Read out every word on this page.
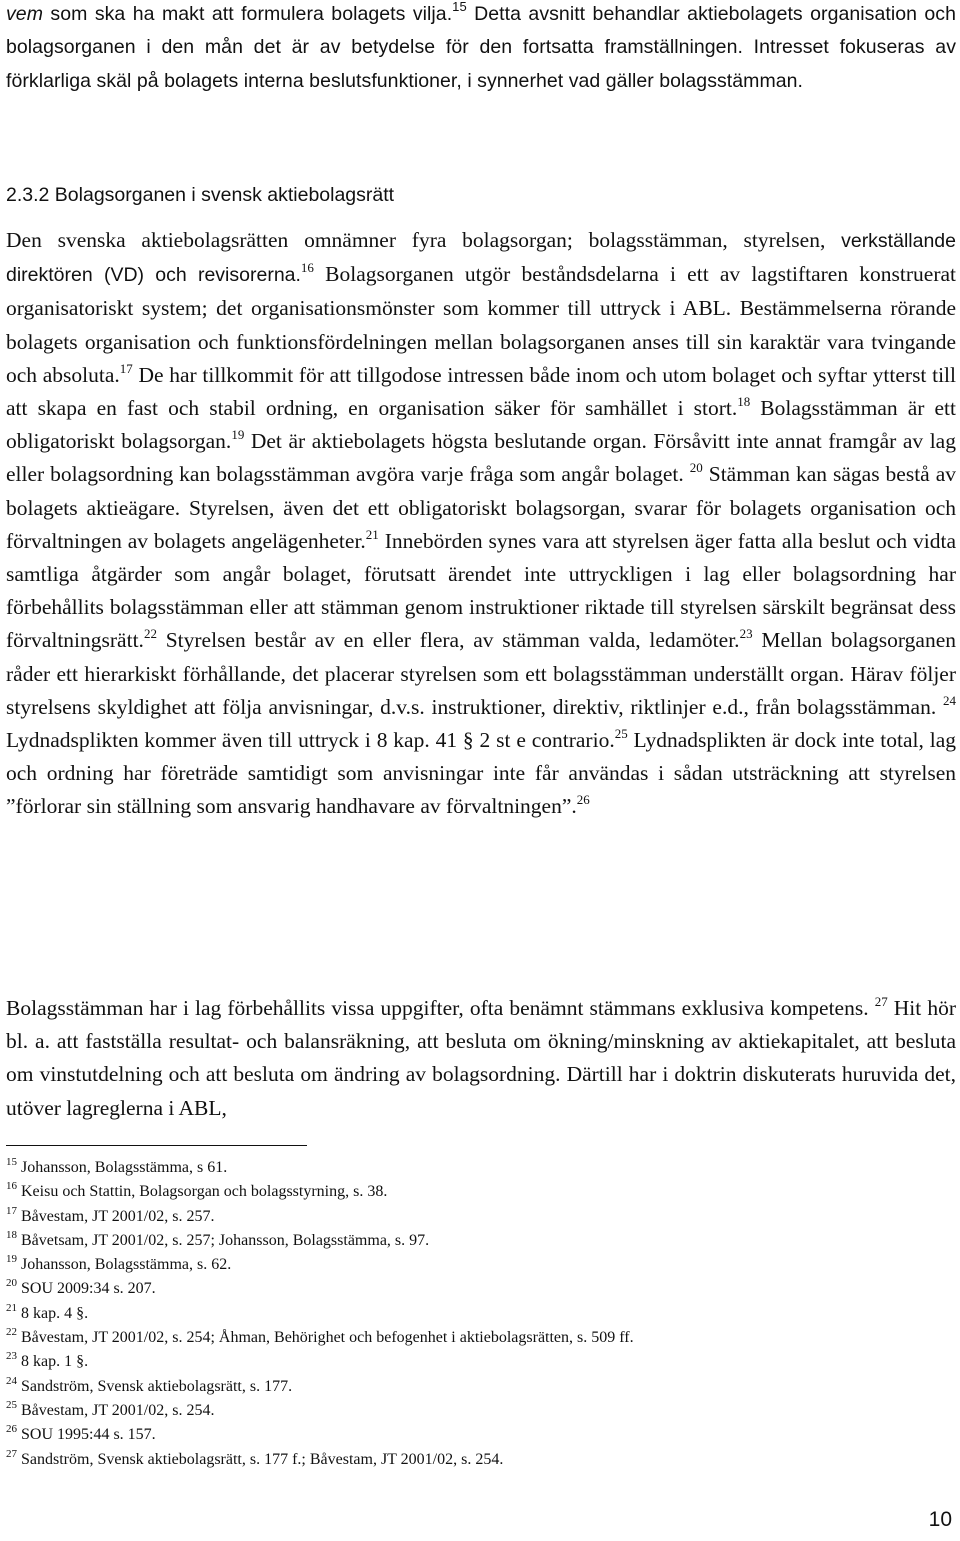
vem som ska ha makt att formulera bolagets vilja.$^{15}$ Detta avsnitt behandlar aktiebolagets organisation och bolagsorganen i den mån det är av betydelse för den fortsatta framställningen. Intresset fokuseras av förklarliga skäl på bolagets interna beslutsfunktioner, i synnerhet vad gäller bolagsstämman.

2.3.2 Bolagsorganen i svensk aktiebolagsrätt

Den svenska aktiebolagsrätten omnämner fyra bolagsorgan; bolagsstämman, styrelsen, verkställande direktören (VD) och revisorerna.$^{16}$ Bolagsorganen utgör beståndsdelarna i ett av lagstiftaren konstruerat organisatoriskt system; det organisationsmönster som kommer till uttryck i ABL. Bestämmelserna rörande bolagets organisation och funktionsfördelningen mellan bolagsorganen anses till sin karaktär vara tvingande och absoluta.$^{17}$ De har tillkommit för att tillgodose intressen både inom och utom bolaget och syftar ytterst till att skapa en fast och stabil ordning, en organisation säker för samhället i stort.$^{18}$ Bolagsstämman är ett obligatoriskt bolagsorgan.$^{19}$ Det är aktiebolagets högsta beslutande organ. Försåvitt inte annat framgår av lag eller bolagsordning kan bolagsstämman avgöra varje fråga som angår bolaget. $^{20}$ Stämman kan sägas bestå av bolagets aktieägare. Styrelsen, även det ett obligatoriskt bolagsorgan, svarar för bolagets organisation och förvaltningen av bolagets angelägenheter.$^{21}$ Innebörden synes vara att styrelsen äger fatta alla beslut och vidta samtliga åtgärder som angår bolaget, förutsatt ärendet inte uttryckligen i lag eller bolagsordning har förbehållits bolagsstämman eller att stämman genom instruktioner riktade till styrelsen särskilt begränsat dess förvaltningsrätt.$^{22}$ Styrelsen består av en eller flera, av stämman valda, ledamöter.$^{23}$ Mellan bolagsorganen råder ett hierarkiskt förhållande, det placerar styrelsen som ett bolagsstämman underställt organ. Härav följer styrelsens skyldighet att följa anvisningar, d.v.s. instruktioner, direktiv, riktlinjer e.d., från bolagsstämman. $^{24}$ Lydnadsplikten kommer även till uttryck i 8 kap. 41 § 2 st e contrario.$^{25}$ Lydnadsplikten är dock inte total, lag och ordning har företräde samtidigt som anvisningar inte får användas i sådan utsträckning att styrelsen ”förlorar sin ställning som ansvarig handhavare av förvaltningen”.$^{26}$

Bolagsstämman har i lag förbehållits vissa uppgifter, ofta benämnt stämmans exklusiva kompetens. $^{27}$ Hit hör bl. a. att fastställa resultat- och balansräkning, att besluta om ökning/minskning av aktiekapitalet, att besluta om vinstutdelning och att besluta om ändring av bolagsordning. Därtill har i doktrin diskuterats huruvida det, utöver lagreglerna i ABL,

$^{15}$ Johansson, Bolagsstämma, s 61.
$^{16}$ Keisu och Stattin, Bolagsorgan och bolagsstyrning, s. 38.
$^{17}$ Båvestam, JT 2001/02, s. 257.
$^{18}$ Båvetsam, JT 2001/02, s. 257; Johansson, Bolagsstämma, s. 97.
$^{19}$ Johansson, Bolagsstämma, s. 62.
$^{20}$ SOU 2009:34 s. 207.
$^{21}$ 8 kap. 4 §.
$^{22}$ Båvestam, JT 2001/02, s. 254; Åhman, Behörighet och befogenhet i aktiebolagsrätten, s. 509 ff.
$^{23}$ 8 kap. 1 §.
$^{24}$ Sandström, Svensk aktiebolagsrätt, s. 177.
$^{25}$ Båvestam, JT 2001/02, s. 254.
$^{26}$ SOU 1995:44 s. 157.
$^{27}$ Sandström, Svensk aktiebolagsrätt, s. 177 f.; Båvestam, JT 2001/02, s. 254.
10
